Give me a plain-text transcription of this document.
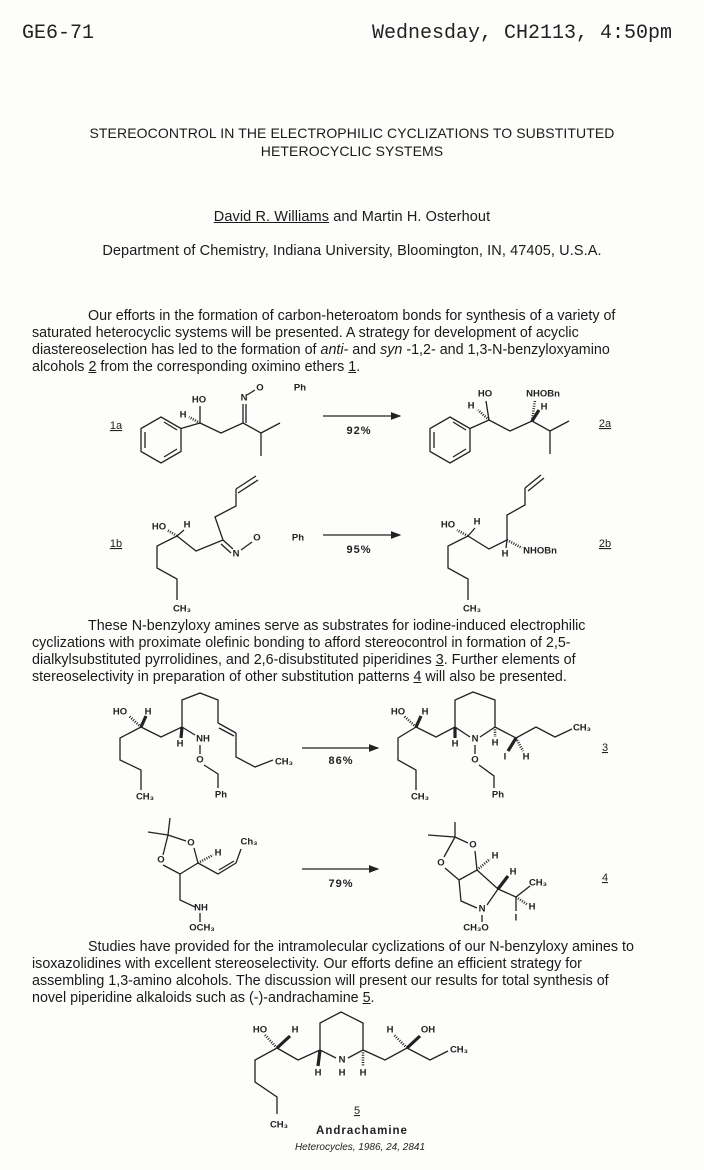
GE6-71	Wednesday, CH2113, 4:50pm
STEREOCONTROL IN THE ELECTROPHILIC CYCLIZATIONS TO SUBSTITUTED
HETEROCYCLIC SYSTEMS
David R. Williams and Martin H. Osterhout
Department of Chemistry, Indiana University, Bloomington, IN, 47405, U.S.A.
Our efforts in the formation of carbon-heteroatom bonds for synthesis of a variety of
saturated heterocyclic systems will be presented. A strategy for development of acyclic
diastereoselection has led to the formation of anti- and syn -1,2- and 1,3-N-benzyloxyamino
alcohols 2 from the corresponding oximino ethers 1.
These N-benzyloxy amines serve as substrates for iodine-induced electrophilic
cyclizations with proximate olefinic bonding to afford stereocontrol in formation of 2,5-
dialkylsubstituted pyrrolidines, and 2,6-disubstituted piperidines 3. Further elements of
stereoselectivity in preparation of other substitution patterns 4 will also be presented.
Studies have provided for the intramolecular cyclizations of our N-benzyloxy amines to
isoxazolidines with excellent stereoselectivity. Our efforts define an efficient strategy for
assembling 1,3-amino alcohols. The discussion will present our results for total synthesis of
novel piperidine alkaloids such as (-)-andrachamine 5.
1a
HO
H
N
O	Ph
92%
HO	NHOBn
H
H
2a
1b
HO H
N
O	Ph
CH₃
95%
HO H
H NHOBn
CH₃
2b
HO H
H NH
O
Ph
CH₃
CH₃	86%
HO H
N
H	H
O
Ph
CH₃
I H
CH₃
3
O
O
H
Ch₃
NH
OCH₃
79%
O
O
H
H
N
CH₃
H
I
CH₃O
4
HO	H	H	OH
CH₃
N
H H H
CH₃
5
Andrachamine
Heterocycles, 1986, 24, 2841
